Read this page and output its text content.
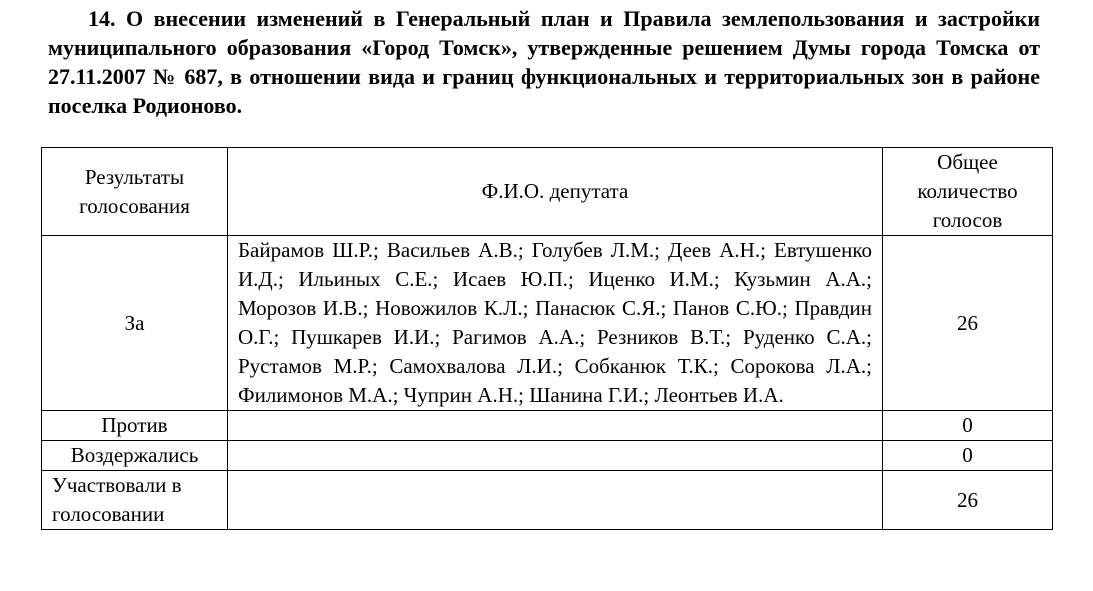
14. О внесении изменений в Генеральный план и Правила землепользования и застройки муниципального образования «Город Томск», утвержденные решением Думы города Томска от 27.11.2007 № 687, в отношении вида и границ функциональных и территориальных зон в районе поселка Родионово.

Результаты голосования	Ф.И.О. депутата	Общее количество голосов
За	Байрамов Ш.Р.; Васильев А.В.; Голубев Л.М.; Деев А.Н.; Евтушенко И.Д.; Ильиных С.Е.; Исаев Ю.П.; Иценко И.М.; Кузьмин А.А.; Морозов И.В.; Новожилов К.Л.; Панасюк С.Я.; Панов С.Ю.; Правдин О.Г.; Пушкарев И.И.; Рагимов А.А.; Резников В.Т.; Руденко С.А.; Рустамов М.Р.; Самохвалова Л.И.; Собканюк Т.К.; Сорокова Л.А.; Филимонов М.А.; Чуприн А.Н.; Шанина Г.И.; Леонтьев И.А.	26
Против		0
Воздержались		0
Участвовали в голосовании		26
